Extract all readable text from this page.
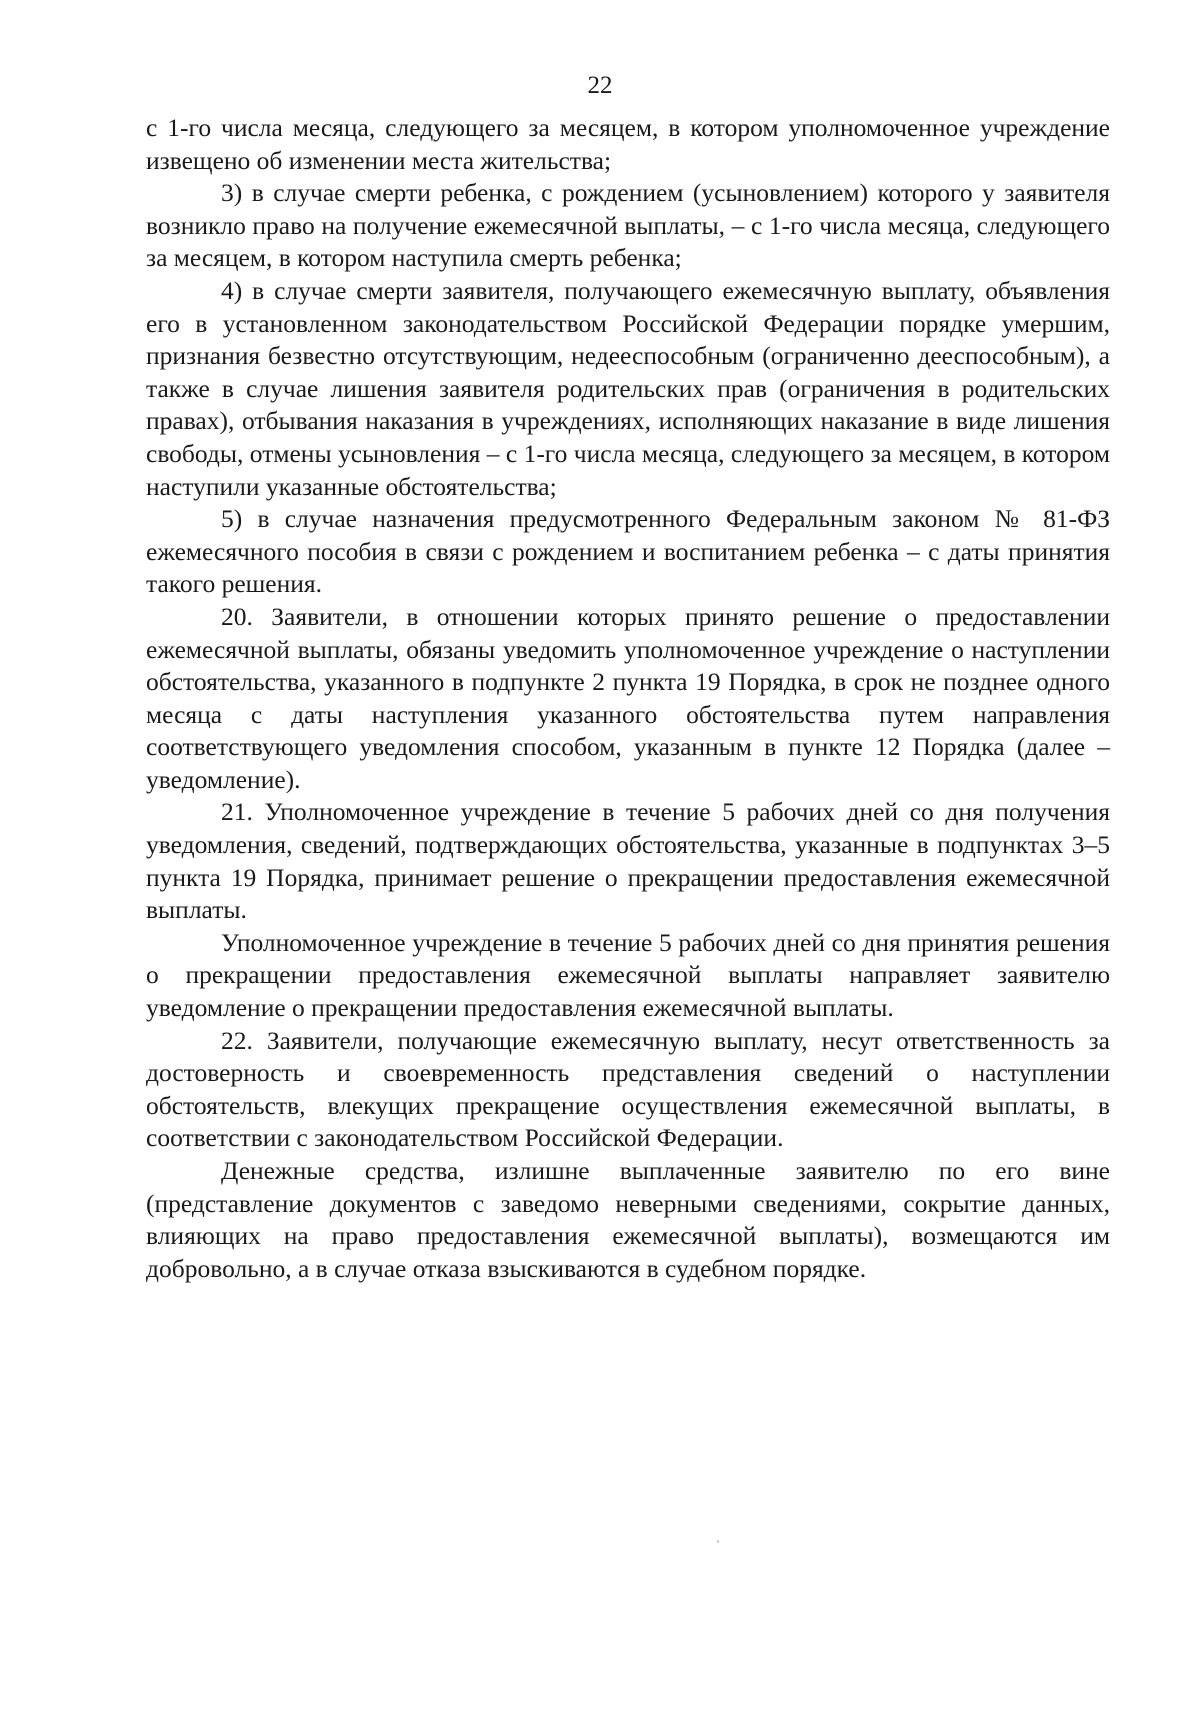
22

с 1-го числа месяца, следующего за месяцем, в котором уполномоченное учреждение извещено об изменении места жительства;

3) в случае смерти ребенка, с рождением (усыновлением) которого у заявителя возникло право на получение ежемесячной выплаты, – с 1-го числа месяца, следующего за месяцем, в котором наступила смерть ребенка;

4) в случае смерти заявителя, получающего ежемесячную выплату, объявления его в установленном законодательством Российской Федерации порядке умершим, признания безвестно отсутствующим, недееспособным (ограниченно дееспособным), а также в случае лишения заявителя родительских прав (ограничения в родительских правах), отбывания наказания в учреждениях, исполняющих наказание в виде лишения свободы, отмены усыновления – с 1-го числа месяца, следующего за месяцем, в котором наступили указанные обстоятельства;

5) в случае назначения предусмотренного Федеральным законом № 81-ФЗ ежемесячного пособия в связи с рождением и воспитанием ребенка – с даты принятия такого решения.

20. Заявители, в отношении которых принято решение о предоставлении ежемесячной выплаты, обязаны уведомить уполномоченное учреждение о наступлении обстоятельства, указанного в подпункте 2 пункта 19 Порядка, в срок не позднее одного месяца с даты наступления указанного обстоятельства путем направления соответствующего уведомления способом, указанным в пункте 12 Порядка (далее – уведомление).

21. Уполномоченное учреждение в течение 5 рабочих дней со дня получения уведомления, сведений, подтверждающих обстоятельства, указанные в подпунктах 3–5 пункта 19 Порядка, принимает решение о прекращении предоставления ежемесячной выплаты.

Уполномоченное учреждение в течение 5 рабочих дней со дня принятия решения о прекращении предоставления ежемесячной выплаты направляет заявителю уведомление о прекращении предоставления ежемесячной выплаты.

22. Заявители, получающие ежемесячную выплату, несут ответственность за достоверность и своевременность представления сведений о наступлении обстоятельств, влекущих прекращение осуществления ежемесячной выплаты, в соответствии с законодательством Российской Федерации.

Денежные средства, излишне выплаченные заявителю по его вине (представление документов с заведомо неверными сведениями, сокрытие данных, влияющих на право предоставления ежемесячной выплаты), возмещаются им добровольно, а в случае отказа взыскиваются в судебном порядке.
